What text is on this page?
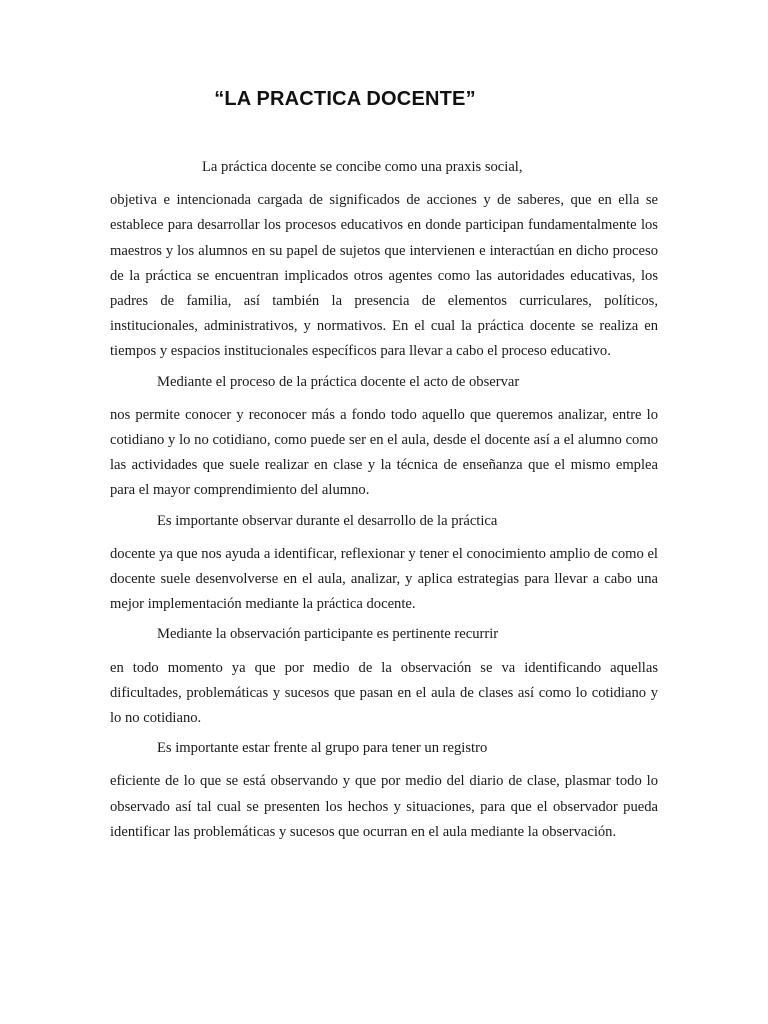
“LA PRACTICA DOCENTE”

La práctica docente se concibe como una praxis social,

objetiva e intencionada cargada de significados de acciones y de saberes, que en ella se establece para desarrollar los procesos educativos en donde participan fundamentalmente los maestros y los alumnos en su papel de sujetos que intervienen e interactúan en dicho proceso de la práctica se encuentran implicados otros agentes como las autoridades educativas, los padres de familia, así también la presencia de elementos curriculares, políticos, institucionales, administrativos, y normativos. En el cual la práctica docente se realiza en tiempos y espacios institucionales específicos para llevar a cabo el proceso educativo.

Mediante el proceso de la práctica docente el acto de observar

nos permite conocer y reconocer más a fondo todo aquello que queremos analizar, entre lo cotidiano y lo no cotidiano, como puede ser en el aula, desde el docente así a el alumno como las actividades que suele realizar en clase y la técnica de enseñanza que el mismo emplea para el mayor comprendimiento del alumno.

Es importante observar durante el desarrollo de la práctica

docente ya que nos ayuda a identificar, reflexionar y tener el conocimiento amplio de como el docente suele desenvolverse en el aula, analizar, y aplica estrategias para llevar a cabo una mejor implementación mediante la práctica docente.

Mediante la observación participante es pertinente recurrir

en todo momento ya que por medio de la observación se va identificando aquellas dificultades, problemáticas y sucesos que pasan en el aula de clases así como lo cotidiano y lo no cotidiano.

Es importante estar frente al grupo para tener un registro

eficiente de lo que se está observando y que por medio del diario de clase, plasmar todo lo observado así tal cual se presenten los hechos y situaciones, para que el observador pueda identificar las problemáticas y sucesos que ocurran en el aula mediante la observación.
